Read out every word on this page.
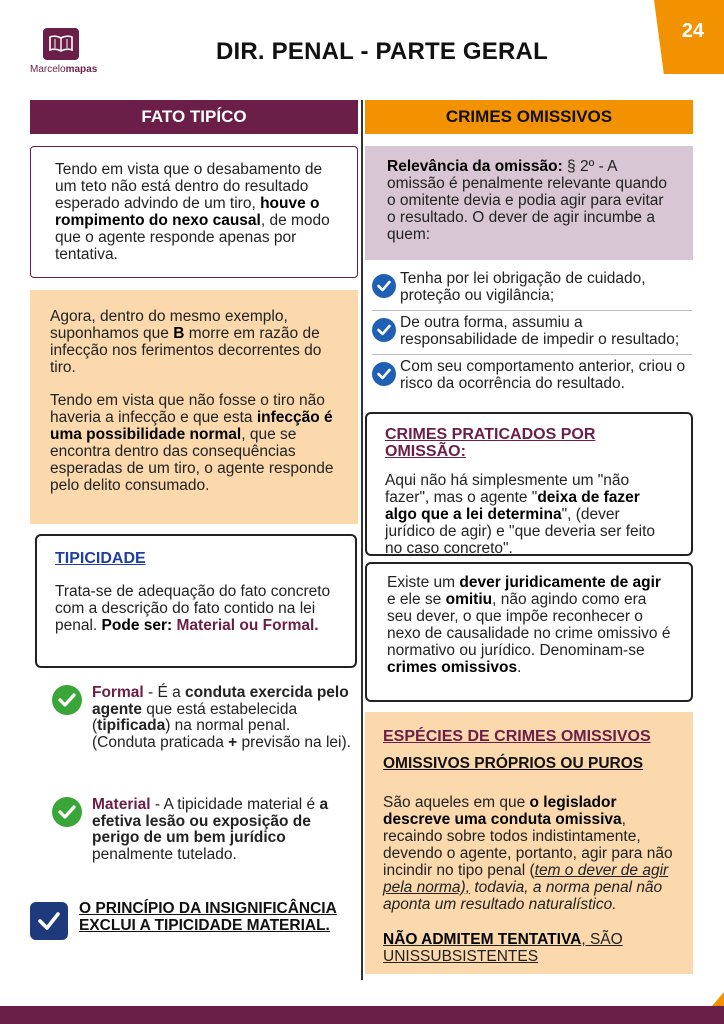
Marcelomapas
DIR. PENAL - PARTE GERAL
24
FATO TIPÍCO
Tendo em vista que o desabamento de um teto não está dentro do resultado esperado advindo de um tiro, houve o rompimento do nexo causal, de modo que o agente responde apenas por tentativa.

Agora, dentro do mesmo exemplo, suponhamos que B morre em razão de infecção nos ferimentos decorrentes do tiro.

Tendo em vista que não fosse o tiro não haveria a infecção e que esta infecção é uma possibilidade normal, que se encontra dentro das consequências esperadas de um tiro, o agente responde pelo delito consumado.

TIPICIDADE
Trata-se de adequação do fato concreto com a descrição do fato contido na lei penal. Pode ser: Material ou Formal.
Formal - É a conduta exercida pelo agente que está estabelecida (tipificada) na normal penal. (Conduta praticada + previsão na lei).
Material - A tipicidade material é a efetiva lesão ou exposição de perigo de um bem jurídico penalmente tutelado.
O PRINCÍPIO DA INSIGNIFICÂNCIA EXCLUI A TIPICIDADE MATERIAL.
CRIMES OMISSIVOS
Relevância da omissão: § 2º - A omissão é penalmente relevante quando o omitente devia e podia agir para evitar o resultado. O dever de agir incumbe a quem:
Tenha por lei obrigação de cuidado, proteção ou vigilância;
De outra forma, assumiu a responsabilidade de impedir o resultado;
Com seu comportamento anterior, criou o risco da ocorrência do resultado.
CRIMES PRATICADOS POR OMISSÃO:
Aqui não há simplesmente um "não fazer", mas o agente "deixa de fazer algo que a lei determina", (dever jurídico de agir) e "que deveria ser feito no caso concreto".
Existe um dever juridicamente de agir e ele se omitiu, não agindo como era seu dever, o que impõe reconhecer o nexo de causalidade no crime omissivo é normativo ou jurídico. Denominam-se crimes omissivos.
ESPÉCIES DE CRIMES OMISSIVOS
OMISSIVOS PRÓPRIOS OU PUROS
São aqueles em que o legislador descreve uma conduta omissiva, recaindo sobre todos indistintamente, devendo o agente, portanto, agir para não incindir no tipo penal (tem o dever de agir pela norma), todavia, a norma penal não aponta um resultado naturalístico.
NÃO ADMITEM TENTATIVA, SÃO UNISSUBSISTENTES
